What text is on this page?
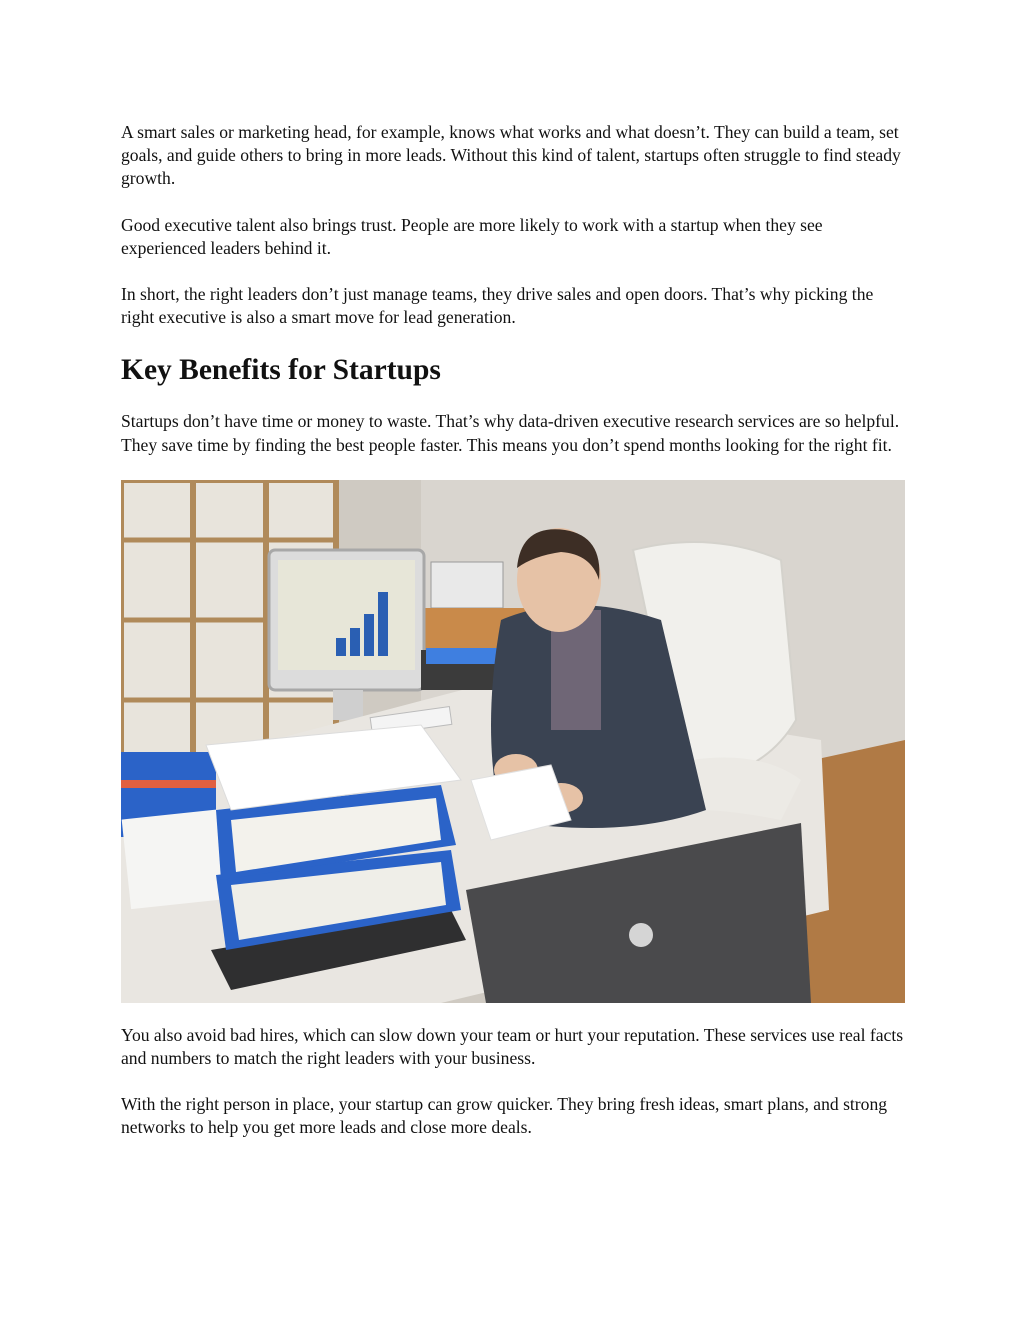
A smart sales or marketing head, for example, knows what works and what doesn’t. They can build a team, set goals, and guide others to bring in more leads. Without this kind of talent, startups often struggle to find steady growth.

Good executive talent also brings trust. People are more likely to work with a startup when they see experienced leaders behind it.

In short, the right leaders don’t just manage teams, they drive sales and open doors. That’s why picking the right executive is also a smart move for lead generation.

Key Benefits for Startups

Startups don’t have time or money to waste. That’s why data-driven executive research services are so helpful. They save time by finding the best people faster. This means you don’t spend months looking for the right fit.

You also avoid bad hires, which can slow down your team or hurt your reputation. These services use real facts and numbers to match the right leaders with your business.

With the right person in place, your startup can grow quicker. They bring fresh ideas, smart plans, and strong networks to help you get more leads and close more deals.
